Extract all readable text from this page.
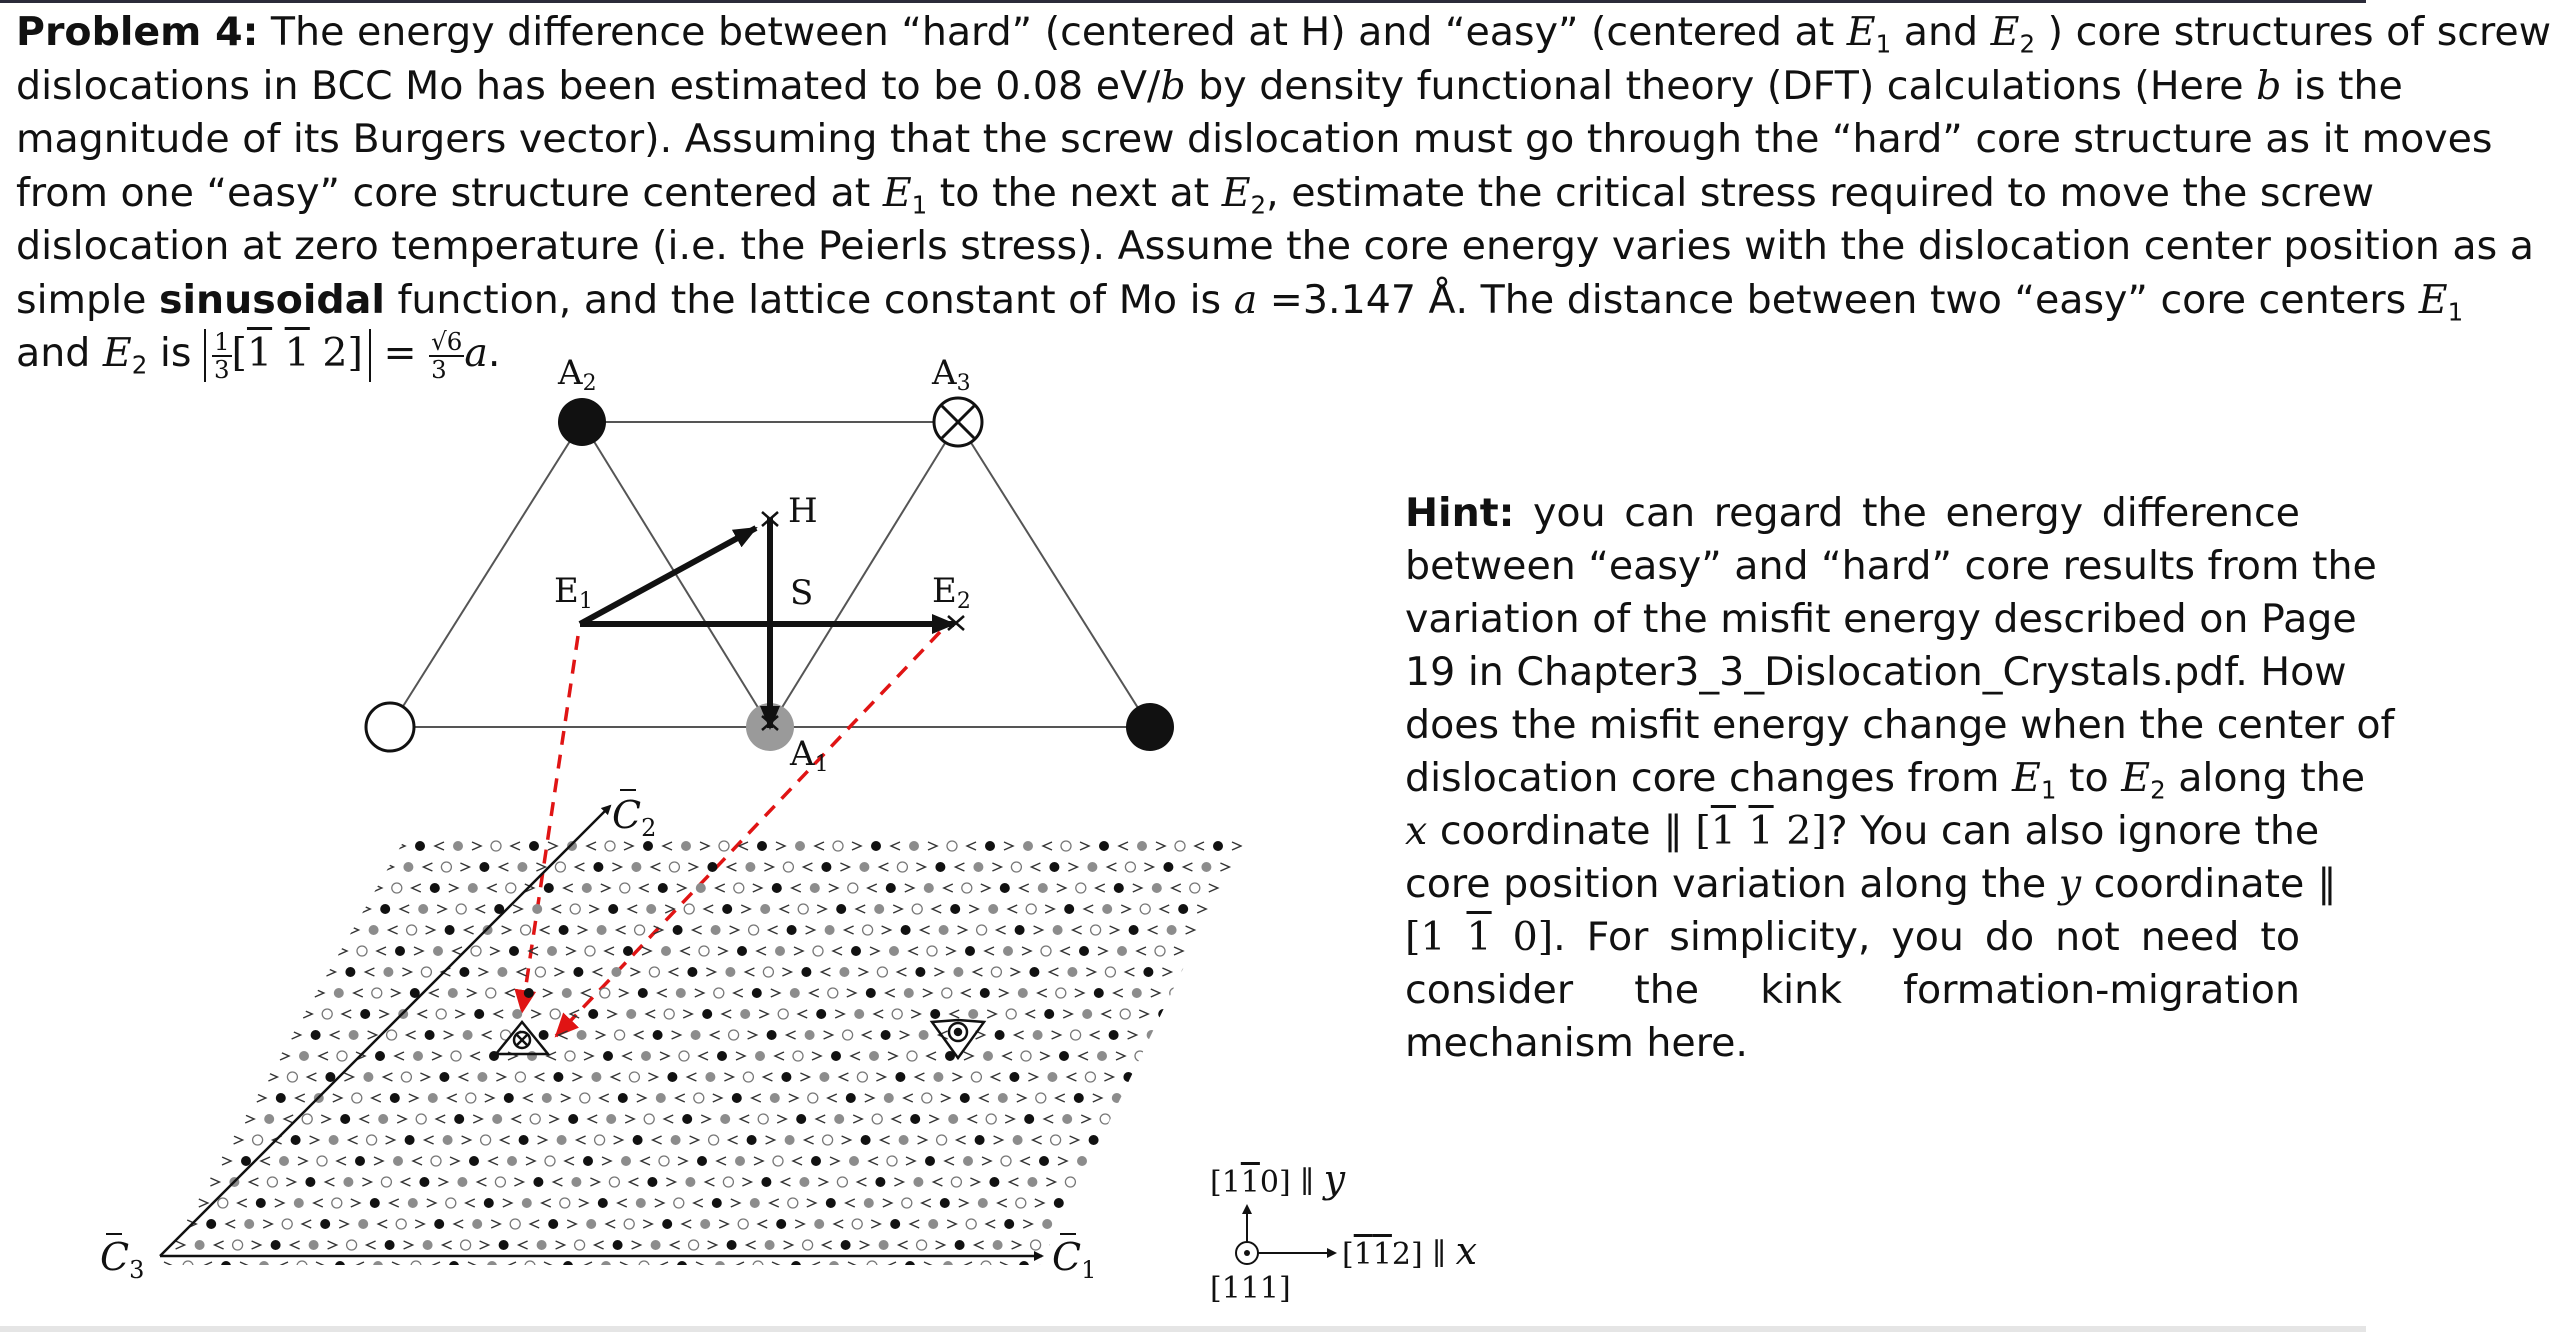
Problem 4: The energy difference between “hard” (centered at H) and “easy” (centered at $E_1$ and $E_2$ ) core structures of screw
dislocations in BCC Mo has been estimated to be 0.08 eV/b by density functional theory (DFT) calculations (Here b is the
magnitude of its Burgers vector). Assuming that the screw dislocation must go through the “hard” core structure as it moves
from one “easy” core structure centered at $E_1$ to the next at $E_2$, estimate the critical stress required to move the screw
dislocation at zero temperature (i.e. the Peierls stress). Assume the core energy varies with the dislocation center position as a
simple sinusoidal function, and the lattice constant of Mo is a =3.147 Å. The distance between two “easy” core centers $E_1$
and $E_2$ is $\frac{1}{3} [1$ 1 $2] = \frac{√6}{3} a$.	A2	A3
H
S
E1	E2
A1
$C_1$
$C_2$
$C_3$
[110] ∥ y
[112] ∥ x
[111]
Hint: you can regard the energy difference
between “easy” and “hard” core results from the
variation of the misfit energy described on Page
19 in Chapter3_3_Dislocation_Crystals.pdf. How
does the misfit energy change when the center of
dislocation core changes from $E_1$ to $E_2$ along the
x coordinate ∥ [1 1 2]? You can also ignore the
core position variation along the y coordinate ∥
[1 1 0]. For simplicity, you do not need to
consider the kink formation-migration
mechanism here.
